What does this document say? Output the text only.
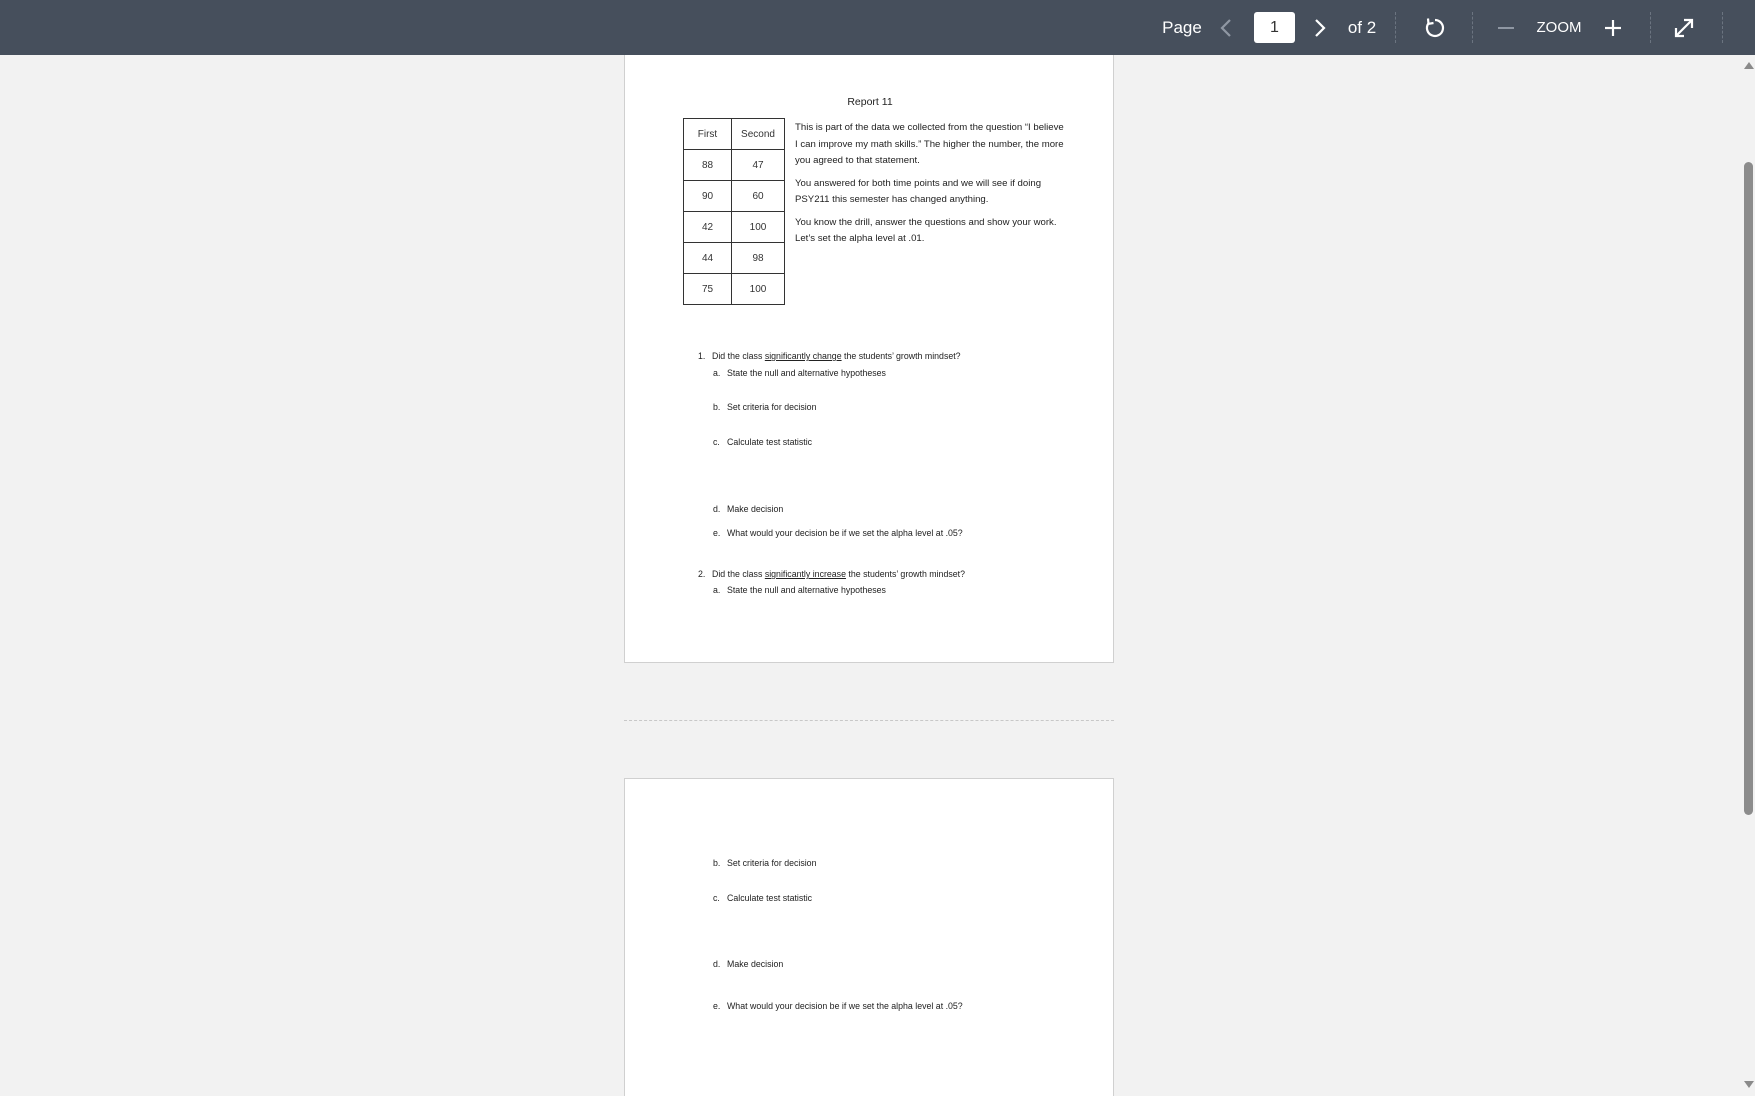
Page
1	of 2	ZOOM
Report 11
First	Second
88	47
90	60
42	100
44	98
75	100

This is part of the data we collected from the question “I believe I can improve my math skills.” The higher the number, the more you agreed to that statement.

You answered for both time points and we will see if doing PSY211 this semester has changed anything.

You know the drill, answer the questions and show your work. Let’s set the alpha level at .01.

1. Did the class significantly change the students’ growth mindset?
a. State the null and alternative hypotheses
b. Set criteria for decision
c. Calculate test statistic
d. Make decision
e. What would your decision be if we set the alpha level at .05?
2. Did the class significantly increase the students’ growth mindset?
a. State the null and alternative hypotheses
b. Set criteria for decision
c. Calculate test statistic
d. Make decision
e. What would your decision be if we set the alpha level at .05?
